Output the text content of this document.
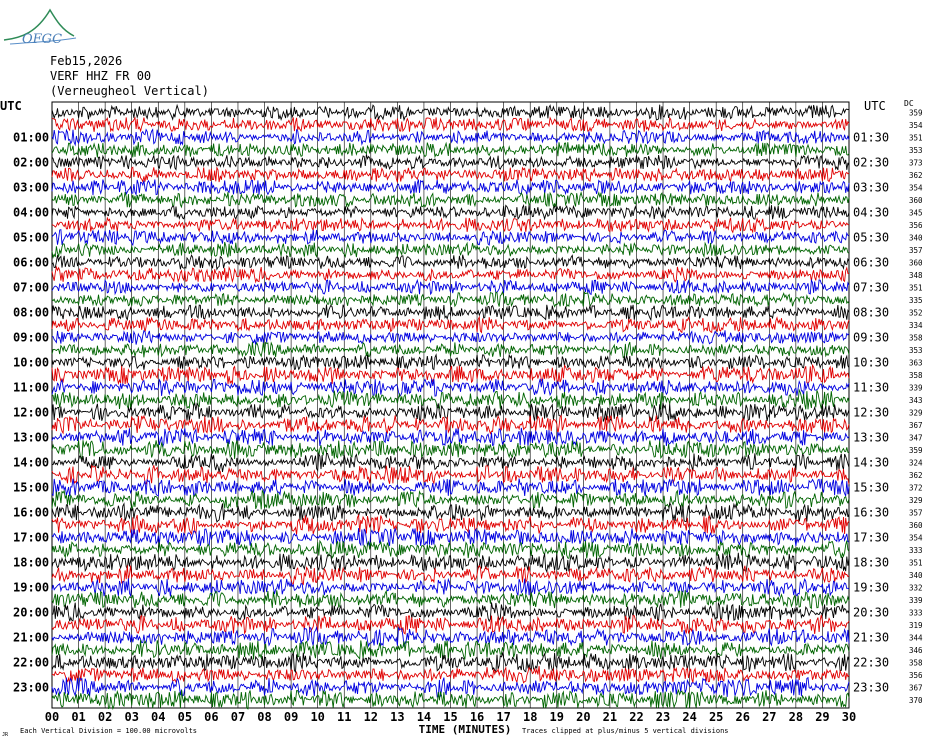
OFGC
Feb15,2026
VERF HHZ FR 00
(Verneugheol Vertical)
UTC	UTC DC
01:00
02:00
03:00
04:00
05:00
06:00
07:00
08:00
09:00
10:00
11:00
12:00
13:00
14:00
15:00
16:00
17:00
18:00
19:00
20:00
21:00
22:00
23:00
01:30
02:30
03:30
04:30
05:30
06:30
07:30
08:30
09:30
10:30
11:30
12:30
13:30
14:30
15:30
16:30
17:30
18:30
19:30
20:30
21:30
22:30
23:30
359
354
351
353
373
362
354
360
345
356
340
357
360
348
351
335
352
334
358
353
363
358
339
343
329
367
347
359
324
362
372
329
357
360
354
333
351
340
332
339
333
319
344
346
358
356
367
370
00 01 02 03 04 05 06 07 08 09 10 11 12 13 14 15 16 17 18 19 20 21 22 23 24 25 26 27 28 29 30
TIME (MINUTES)
Each Vertical Division = 100.00 microvolts	Traces clipped at plus/minus 5 vertical divisions
JR
